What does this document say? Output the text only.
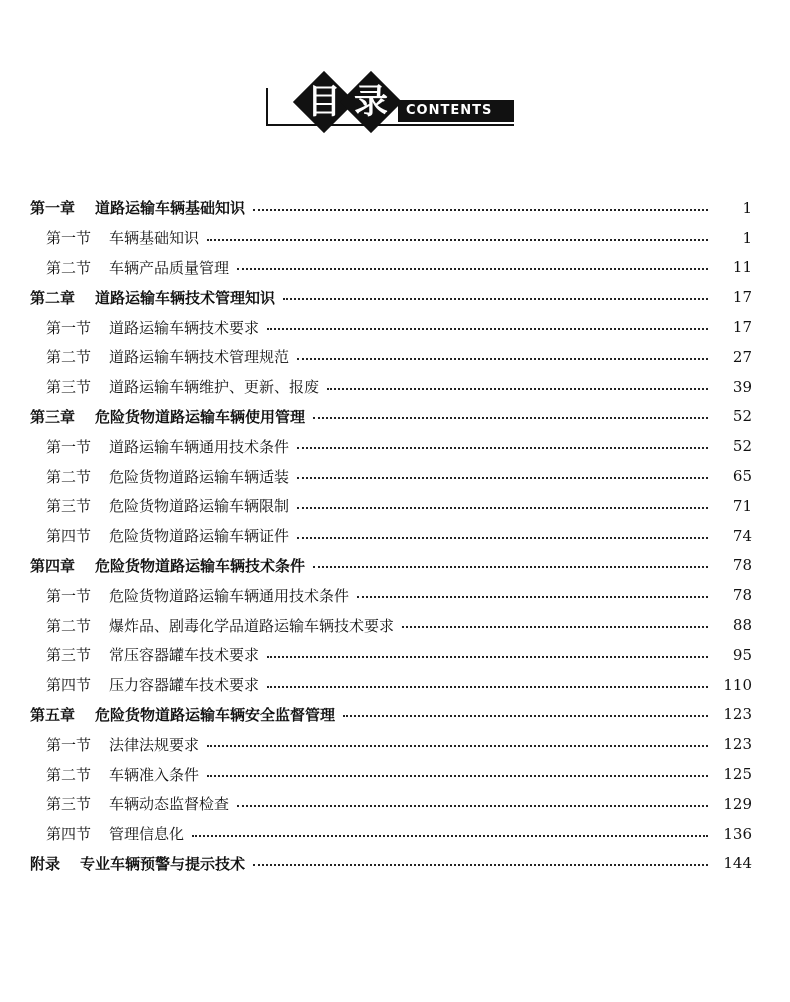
CONTENTS
目 录
第一章 道路运输车辆基础知识	1
第一节 车辆基础知识	1
第二节 车辆产品质量管理	11
第二章 道路运输车辆技术管理知识	17
第一节 道路运输车辆技术要求	17
第二节 道路运输车辆技术管理规范	27
第三节 道路运输车辆维护、更新、报废	39
第三章 危险货物道路运输车辆使用管理	52
第一节 道路运输车辆通用技术条件	52
第二节 危险货物道路运输车辆适装	65
第三节 危险货物道路运输车辆限制	71
第四节 危险货物道路运输车辆证件	74
第四章 危险货物道路运输车辆技术条件	78
第一节 危险货物道路运输车辆通用技术条件	78
第二节 爆炸品、剧毒化学品道路运输车辆技术要求	88
第三节 常压容器罐车技术要求	95
第四节 压力容器罐车技术要求	110
第五章 危险货物道路运输车辆安全监督管理	123
第一节 法律法规要求	123
第二节 车辆准入条件	125
第三节 车辆动态监督检查	129
第四节 管理信息化	136
附录 专业车辆预警与提示技术	144
